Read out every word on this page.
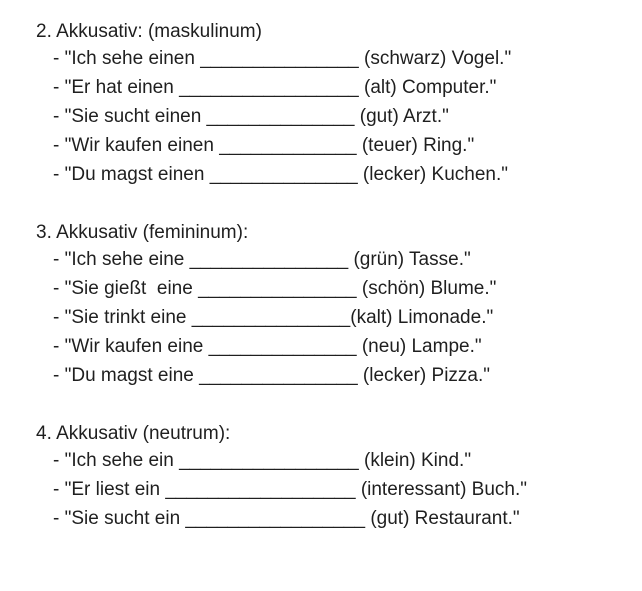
2. Akkusativ: (maskulinum)
- "Ich sehe einen _______________ (schwarz) Vogel."
- "Er hat einen _________________ (alt) Computer."
- "Sie sucht einen ______________ (gut) Arzt."
- "Wir kaufen einen _____________ (teuer) Ring."
- "Du magst einen ______________ (lecker) Kuchen."
3. Akkusativ (femininum):
- "Ich sehe eine _______________ (grün) Tasse."
- "Sie gießt  eine _______________ (schön) Blume."
- "Sie trinkt eine _______________(kalt) Limonade."
- "Wir kaufen eine ______________ (neu) Lampe."
- "Du magst eine _______________ (lecker) Pizza."
4. Akkusativ (neutrum):
- "Ich sehe ein _________________ (klein) Kind."
- "Er liest ein __________________ (interessant) Buch."
- "Sie sucht ein _________________ (gut) Restaurant."
